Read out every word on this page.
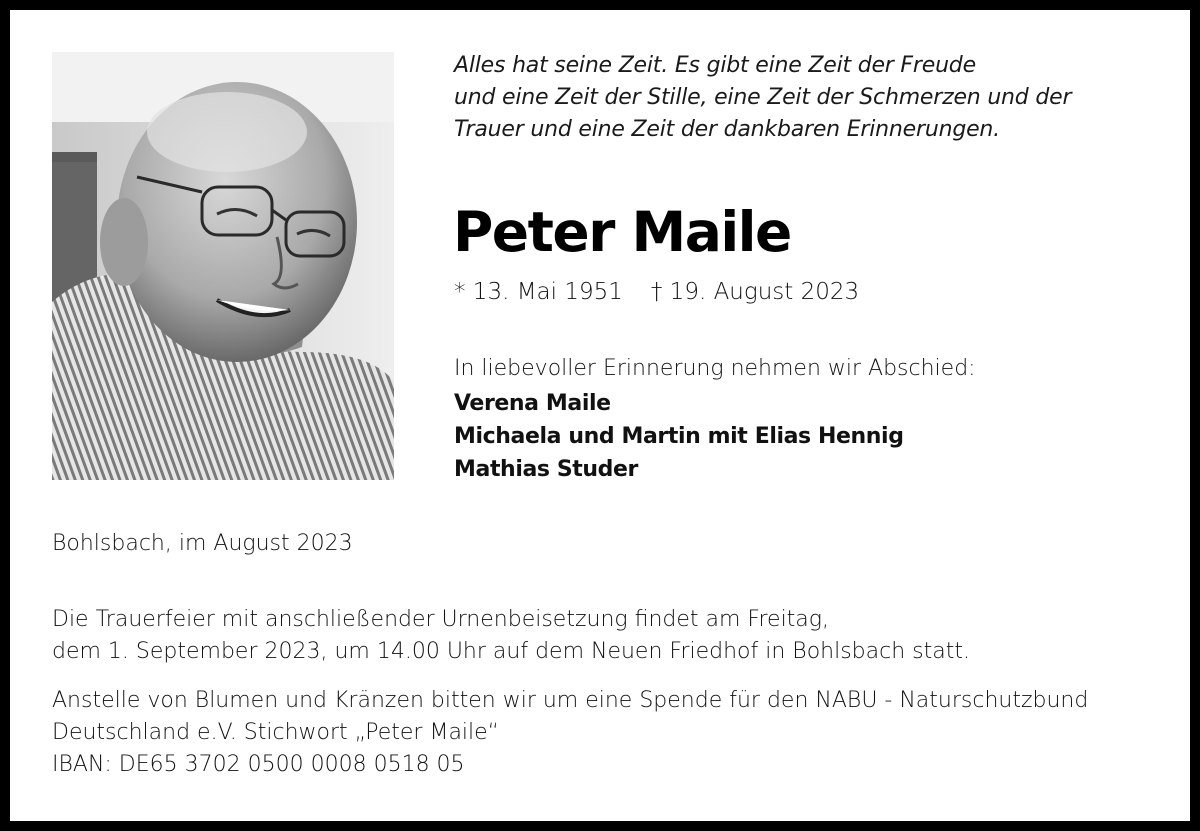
Alles hat seine Zeit. Es gibt eine Zeit der Freude
und eine Zeit der Stille, eine Zeit der Schmerzen und der
Trauer und eine Zeit der dankbaren Erinnerungen.
Peter Maile
* 13. Mai 1951 † 19. August 2023
In liebevoller Erinnerung nehmen wir Abschied:
Verena Maile
Michaela und Martin mit Elias Hennig
Mathias Studer
Bohlsbach, im August 2023
Die Trauerfeier mit anschließender Urnenbeisetzung findet am Freitag,
dem 1. September 2023, um 14.00 Uhr auf dem Neuen Friedhof in Bohlsbach statt.
Anstelle von Blumen und Kränzen bitten wir um eine Spende für den NABU - Naturschutzbund
Deutschland e.V. Stichwort „Peter Maile“
IBAN: DE65 3702 0500 0008 0518 05
